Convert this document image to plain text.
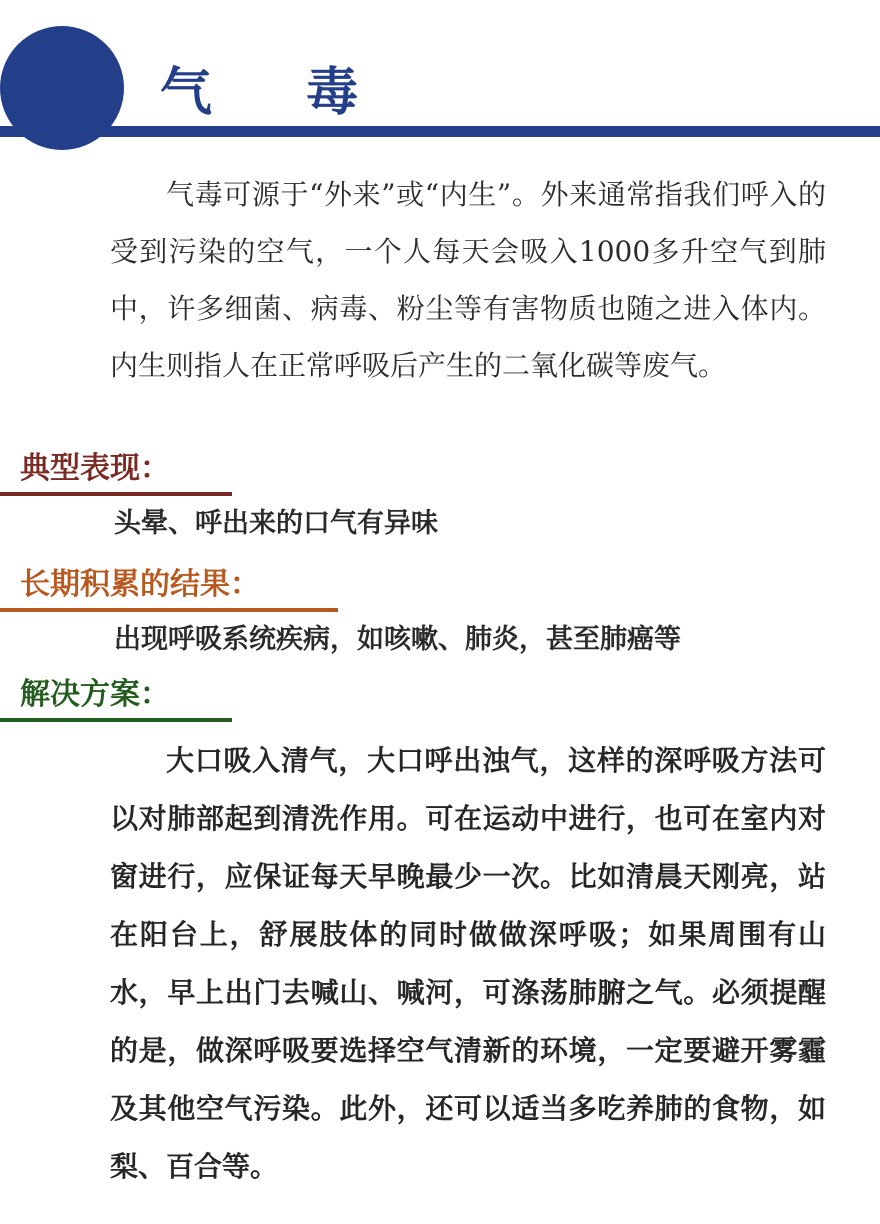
气 毒

气毒可源于“外来”或“内生”。外来通常指我们呼入的受到污染的空气，一个人每天会吸入1000多升空气到肺中，许多细菌、病毒、粉尘等有害物质也随之进入体内。内生则指人在正常呼吸后产生的二氧化碳等废气。

典型表现：

头晕、呼出来的口气有异味

长期积累的结果：

出现呼吸系统疾病，如咳嗽、肺炎，甚至肺癌等

解决方案：

大口吸入清气，大口呼出浊气，这样的深呼吸方法可以对肺部起到清洗作用。可在运动中进行，也可在室内对窗进行，应保证每天早晚最少一次。比如清晨天刚亮，站在阳台上，舒展肢体的同时做做深呼吸；如果周围有山水，早上出门去喊山、喊河，可涤荡肺腑之气。必须提醒的是，做深呼吸要选择空气清新的环境，一定要避开雾霾及其他空气污染。此外，还可以适当多吃养肺的食物，如梨、百合等。
